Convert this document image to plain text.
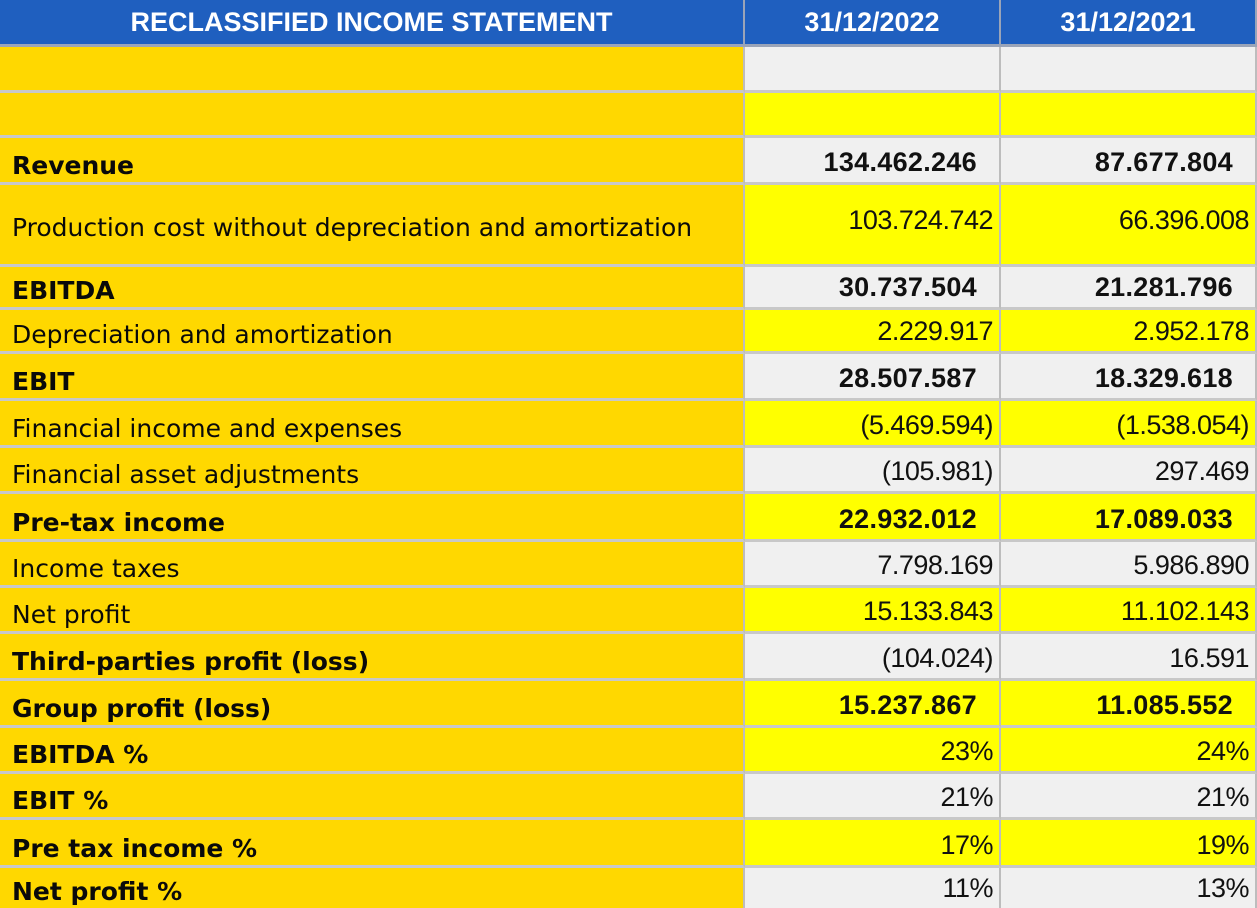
RECLASSIFIED INCOME STATEMENT	31/12/2022	31/12/2021
Revenue	134.462.246	87.677.804
Production cost without depreciation and amortization	103.724.742	66.396.008
EBITDA	30.737.504	21.281.796
Depreciation and amortization	2.229.917	2.952.178
EBIT	28.507.587	18.329.618
Financial income and expenses	(5.469.594)	(1.538.054)
Financial asset adjustments	(105.981)	297.469
Pre-tax income	22.932.012	17.089.033
Income taxes	7.798.169	5.986.890
Net profit	15.133.843	11.102.143
Third-parties profit (loss)	(104.024)	16.591
Group profit (loss)	15.237.867	11.085.552
EBITDA %	23%	24%
EBIT %	21%	21%
Pre tax income %	17%	19%
Net profit %	11%	13%
